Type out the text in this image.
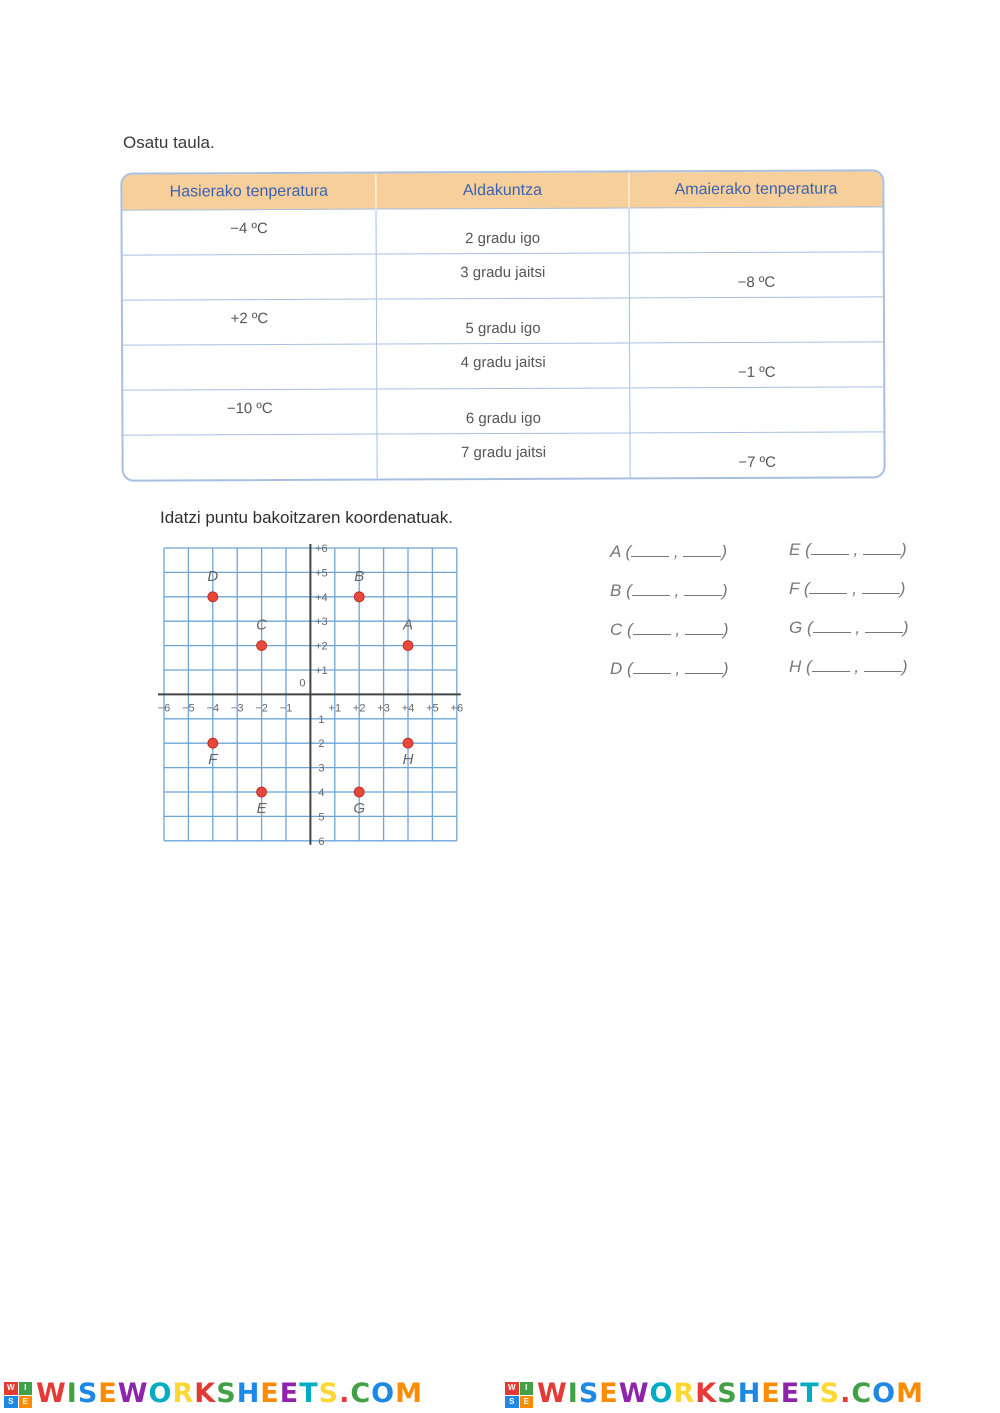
Osatu taula.
Hasierako tenperatura	Aldakuntza	Amaierako tenperatura
−4 ºC	2 gradu igo	
	3 gradu jaitsi	−8 ºC
+2 ºC	5 gradu igo	
	4 gradu jaitsi	−1 ºC
−10 ºC	6 gradu igo	
	7 gradu jaitsi	−7 ºC
Idatzi puntu bakoitzaren koordenatuak.
−6 −5 −4 −3 −2 −1	+1 +2 +3 +4 +5 +6
+6
+5
+4
+3
+2
+1
0
1
2
3
4
5
6
A
B
C
D
E
F
G
H
A (	,	)
B (	,	)
C (	,	)
D (	,	)
E (	,	)
F (	,	)
G (	,	)
H (	,	)
W	I
S	E WISEWORKSHEETS.COM	W	I
S	E WISEWORKSHEETS.COM
